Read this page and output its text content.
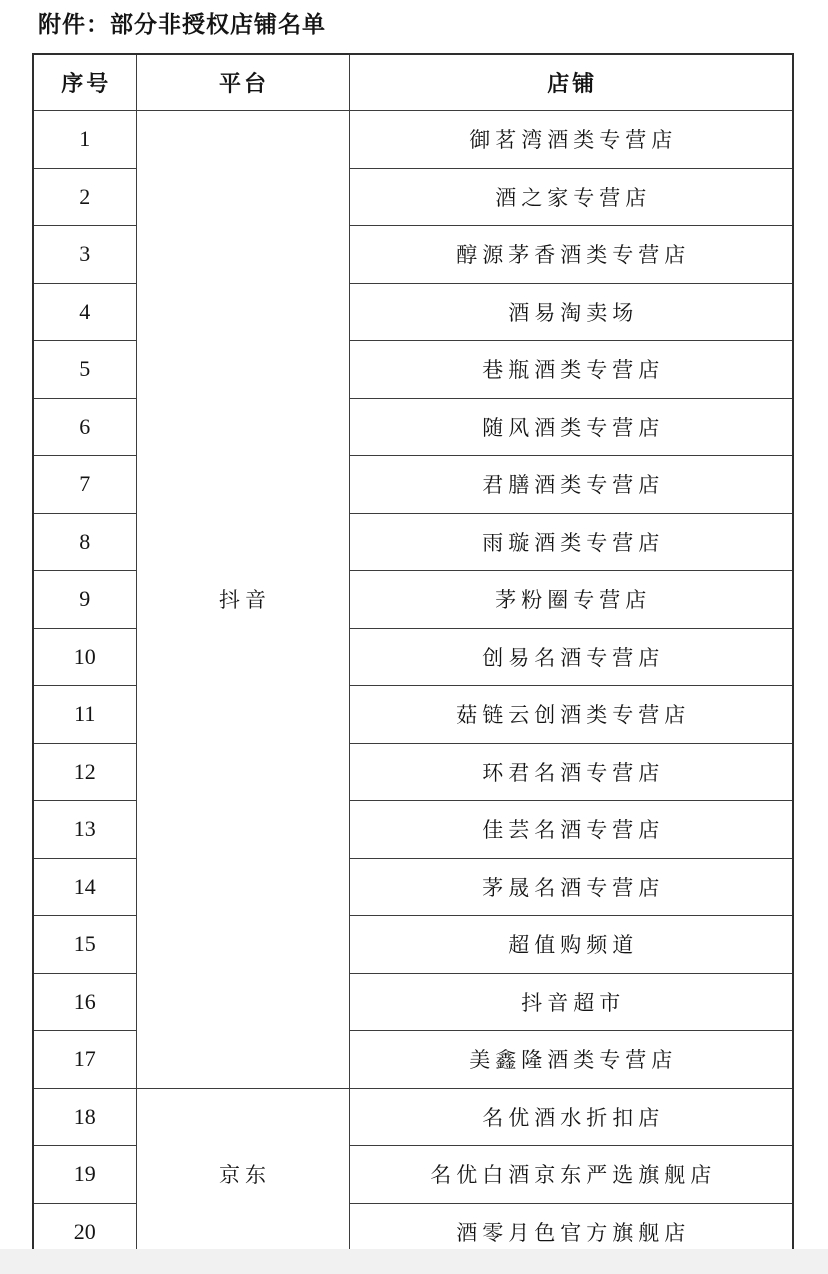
附件：部分非授权店铺名单
序号	平台	店铺
1	抖音	御茗湾酒类专营店
2		酒之家专营店
3		醇源茅香酒类专营店
4		酒易淘卖场
5		巷瓶酒类专营店
6		随风酒类专营店
7		君膳酒类专营店
8		雨璇酒类专营店
9		茅粉圈专营店
10		创易名酒专营店
11		菇链云创酒类专营店
12		环君名酒专营店
13		佳芸名酒专营店
14		茅晟名酒专营店
15		超值购频道
16		抖音超市
17		美鑫隆酒类专营店
18	京东	名优酒水折扣店
19		名优白酒京东严选旗舰店
20		酒零月色官方旗舰店
